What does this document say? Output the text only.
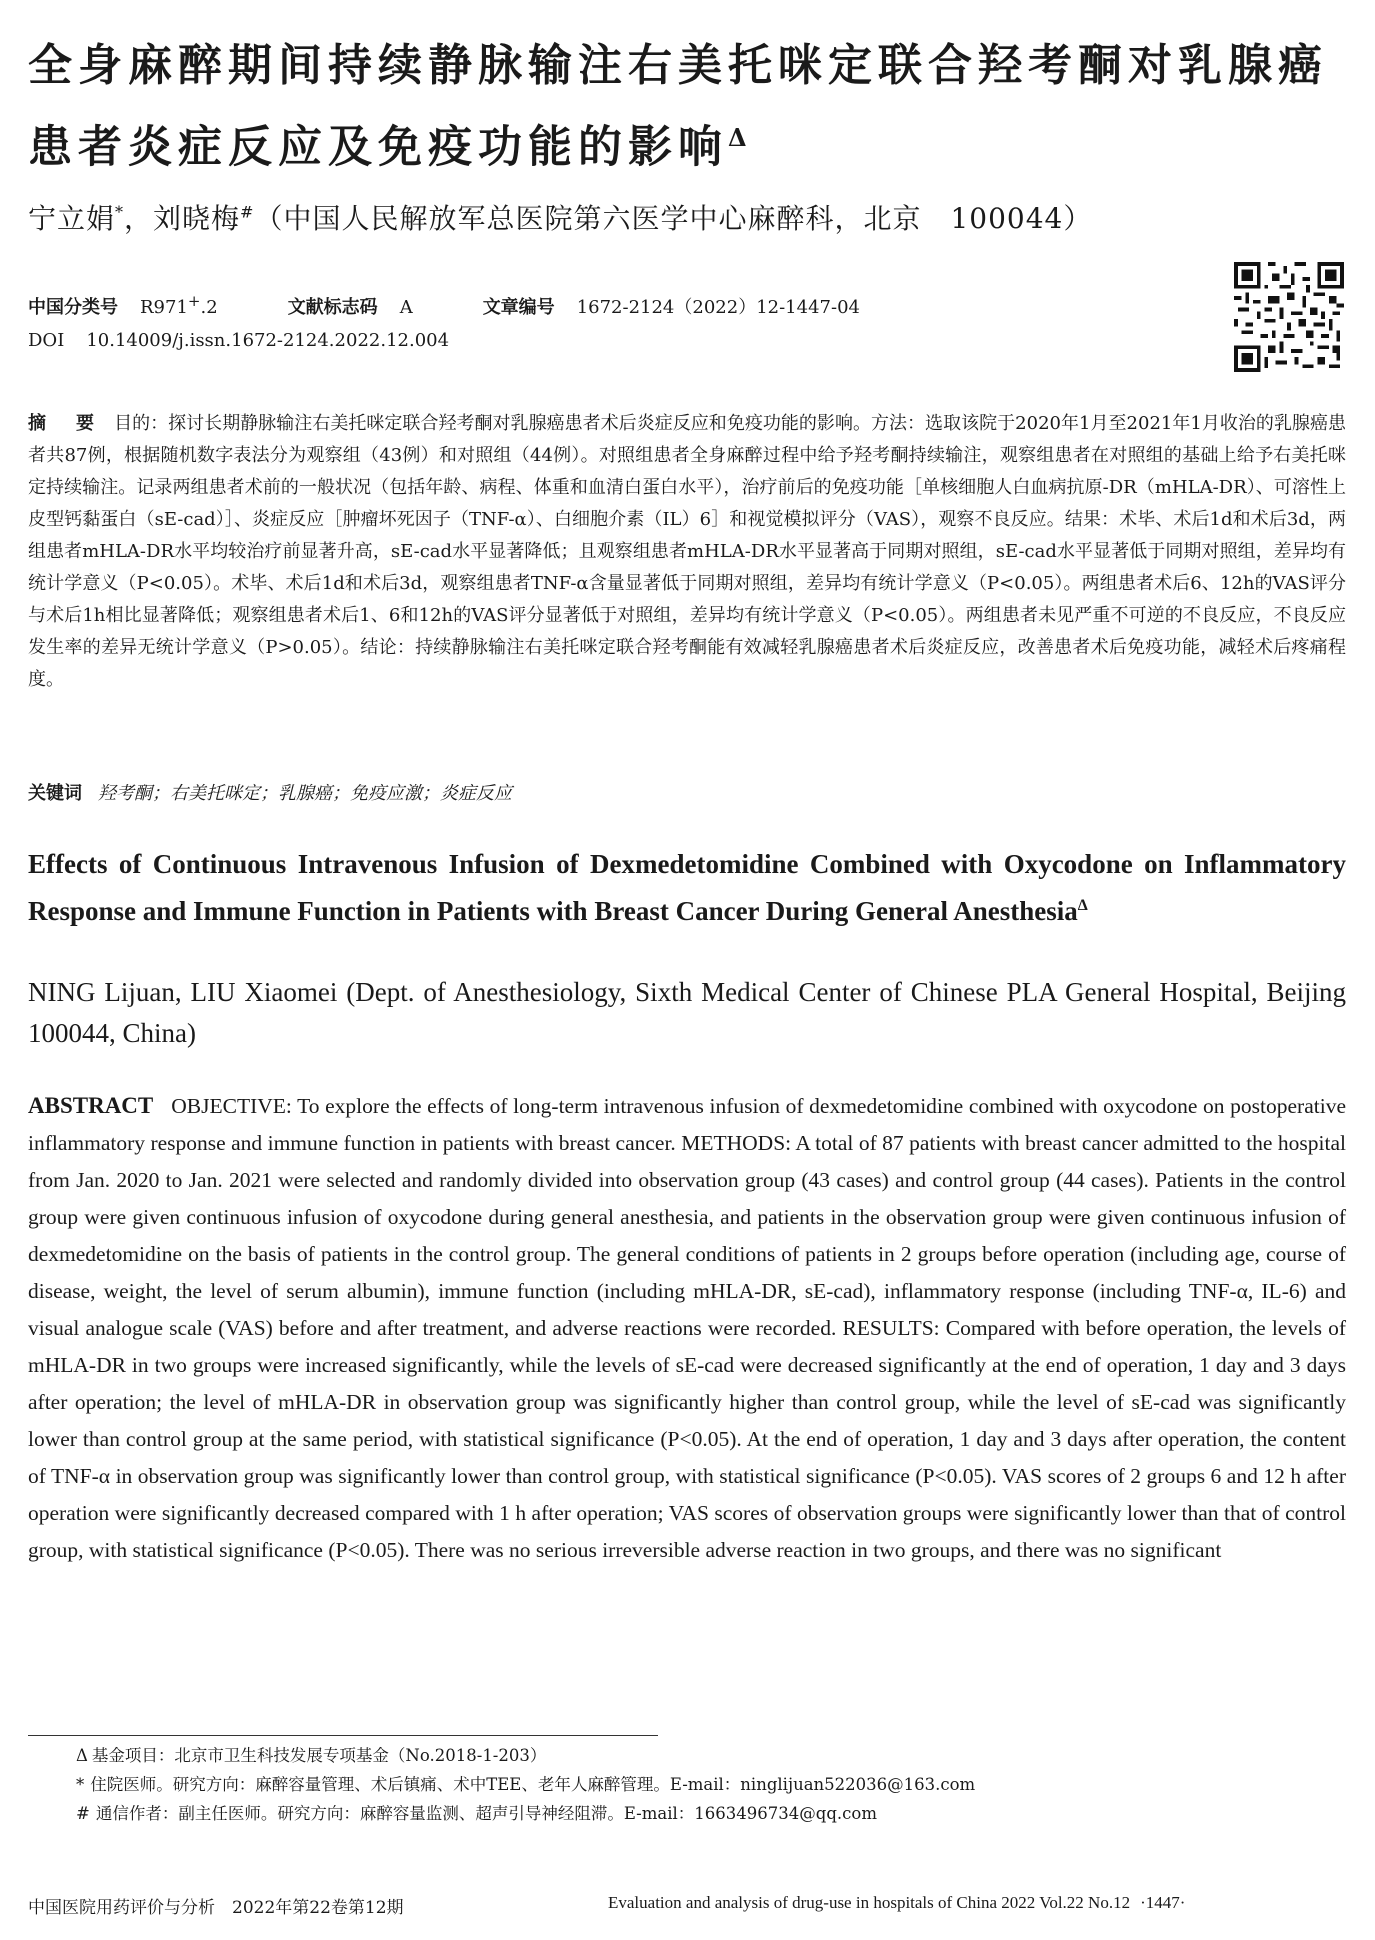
全身麻醉期间持续静脉输注右美托咪定联合羟考酮对乳腺癌患者炎症反应及免疫功能的影响$^\Delta$
宁立娟*，刘晓梅#（中国人民解放军总医院第六医学中心麻醉科，北京　100044）
中国分类号 R971+.2	文献标志码 A	文章编号 1672-2124（2022）12-1447-04
DOI 10.14009/j.issn.1672-2124.2022.12.004

摘　要 目的：探讨长期静脉输注右美托咪定联合羟考酮对乳腺癌患者术后炎症反应和免疫功能的影响。方法：选取该院于2020年1月至2021年1月收治的乳腺癌患者共87例，根据随机数字表法分为观察组（43例）和对照组（44例）。对照组患者全身麻醉过程中给予羟考酮持续输注，观察组患者在对照组的基础上给予右美托咪定持续输注。记录两组患者术前的一般状况（包括年龄、病程、体重和血清白蛋白水平），治疗前后的免疫功能［单核细胞人白血病抗原-DR（mHLA-DR）、可溶性上皮型钙黏蛋白（sE-cad）］、炎症反应［肿瘤坏死因子（TNF-α）、白细胞介素（IL）6］和视觉模拟评分（VAS），观察不良反应。结果：术毕、术后1d和术后3d，两组患者mHLA-DR水平均较治疗前显著升高，sE-cad水平显著降低；且观察组患者mHLA-DR水平显著高于同期对照组，sE-cad水平显著低于同期对照组，差异均有统计学意义（P<0.05）。术毕、术后1d和术后3d，观察组患者TNF-α含量显著低于同期对照组，差异均有统计学意义（P<0.05）。两组患者术后6、12h的VAS评分与术后1h相比显著降低；观察组患者术后1、6和12h的VAS评分显著低于对照组，差异均有统计学意义（P<0.05）。两组患者未见严重不可逆的不良反应，不良反应发生率的差异无统计学意义（P>0.05）。结论：持续静脉输注右美托咪定联合羟考酮能有效减轻乳腺癌患者术后炎症反应，改善患者术后免疫功能，减轻术后疼痛程度。

关键词 羟考酮；右美托咪定；乳腺癌；免疫应激；炎症反应
Effects of Continuous Intravenous Infusion of Dexmedetomidine Combined with Oxycodone on Inflammatory Response and Immune Function in Patients with Breast Cancer During General Anesthesia$^\Delta$

NING Lijuan, LIU Xiaomei (Dept. of Anesthesiology, Sixth Medical Center of Chinese PLA General Hospital, Beijing 100044, China)

ABSTRACT OBJECTIVE: To explore the effects of long-term intravenous infusion of dexmedetomidine combined with oxycodone on postoperative inflammatory response and immune function in patients with breast cancer. METHODS: A total of 87 patients with breast cancer admitted to the hospital from Jan. 2020 to Jan. 2021 were selected and randomly divided into observation group (43 cases) and control group (44 cases). Patients in the control group were given continuous infusion of oxycodone during general anesthesia, and patients in the observation group were given continuous infusion of dexmedetomidine on the basis of patients in the control group. The general conditions of patients in 2 groups before operation (including age, course of disease, weight, the level of serum albumin), immune function (including mHLA-DR, sE-cad), inflammatory response (including TNF-α, IL-6) and visual analogue scale (VAS) before and after treatment, and adverse reactions were recorded. RESULTS: Compared with before operation, the levels of mHLA-DR in two groups were increased significantly, while the levels of sE-cad were decreased significantly at the end of operation, 1 day and 3 days after operation; the level of mHLA-DR in observation group was significantly higher than control group, while the level of sE-cad was significantly lower than control group at the same period, with statistical significance (P<0.05). At the end of operation, 1 day and 3 days after operation, the content of TNF-α in observation group was significantly lower than control group, with statistical significance (P<0.05). VAS scores of 2 groups 6 and 12 h after operation were significantly decreased compared with 1 h after operation; VAS scores of observation groups were significantly lower than that of control group, with statistical significance (P<0.05). There was no serious irreversible adverse reaction in two groups, and there was no significant

Δ 基金项目：北京市卫生科技发展专项基金（No.2018-1-203）
* 住院医师。研究方向：麻醉容量管理、术后镇痛、术中TEE、老年人麻醉管理。E-mail：ninglijuan522036@163.com
# 通信作者：副主任医师。研究方向：麻醉容量监测、超声引导神经阻滞。E-mail：1663496734@qq.com
中国医院用药评价与分析　2022年第22卷第12期	Evaluation and analysis of drug-use in hospitals of China 2022 Vol.22 No.12 ·1447·
